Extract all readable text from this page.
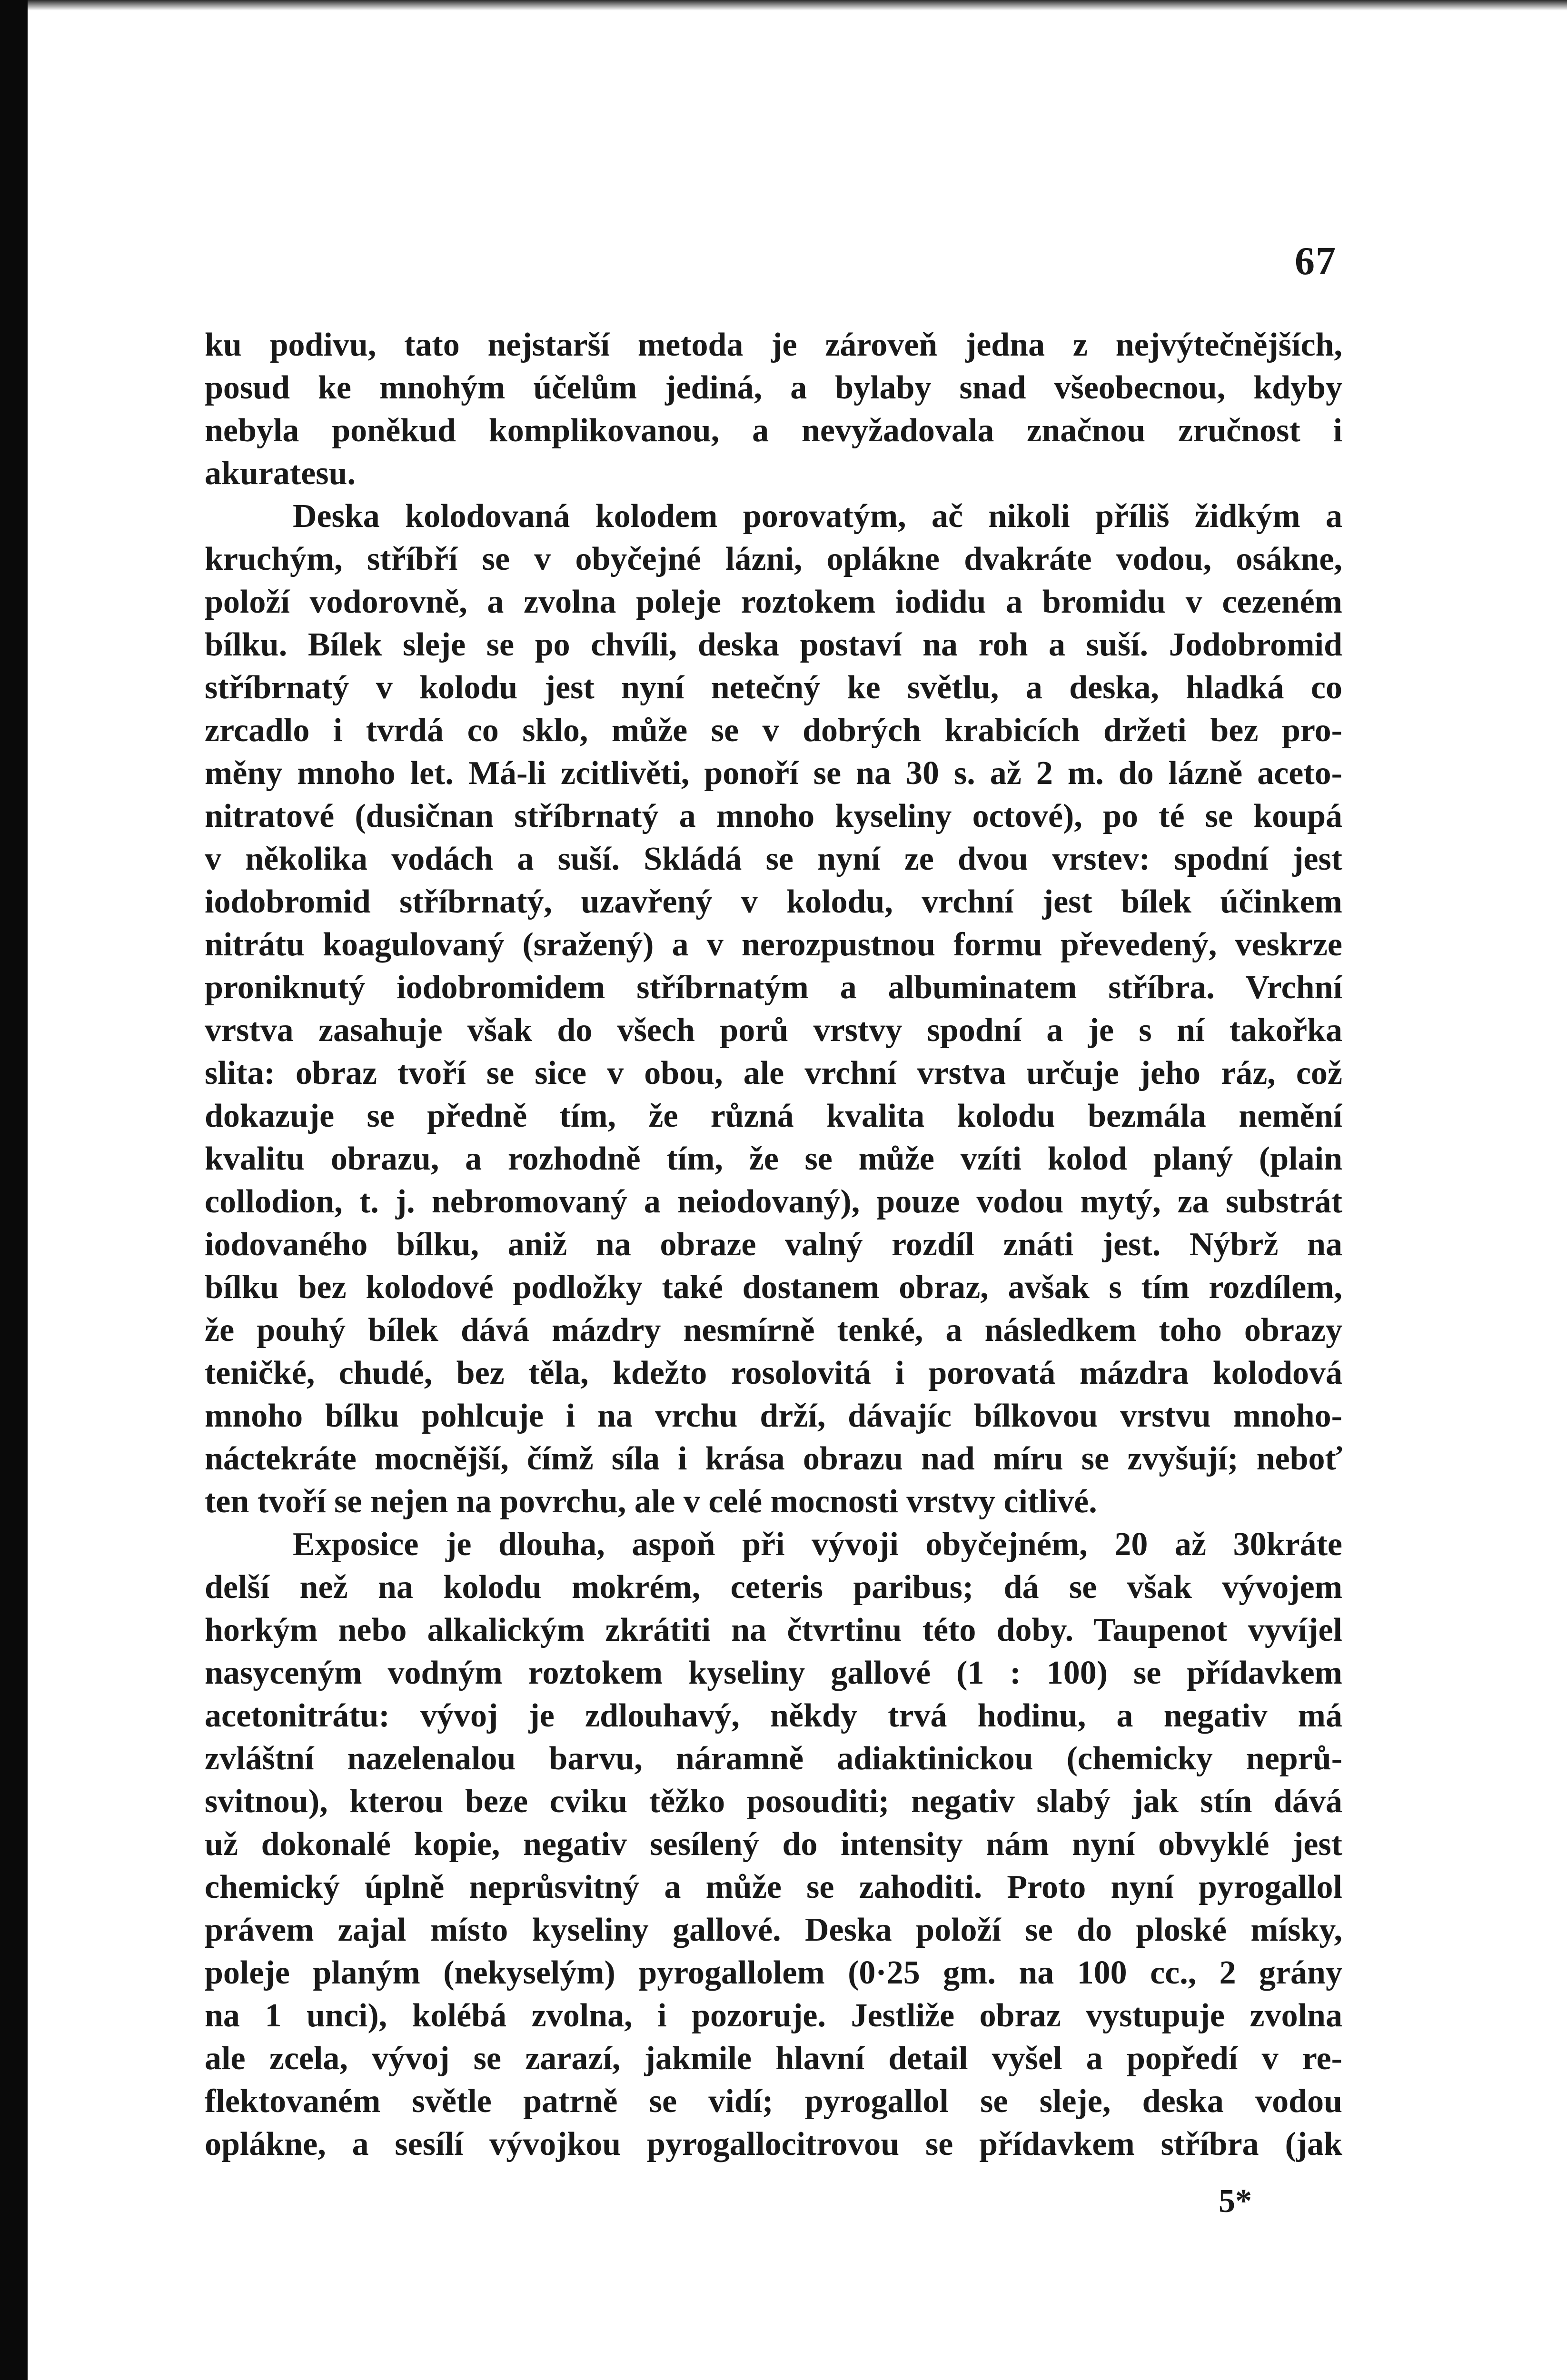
67
ku podivu, tato nejstarší metoda je zároveň jedna z nejvýtečnějších,
posud ke mnohým účelům jediná, a bylaby snad všeobecnou, kdyby
nebyla poněkud komplikovanou, a nevyžadovala značnou zručnost i
akuratesu.
Deska kolodovaná kolodem porovatým, ač nikoli příliš židkým a
kruchým, stříbří se v obyčejné lázni, oplákne dvakráte vodou, osákne,
položí vodorovně, a zvolna poleje roztokem iodidu a bromidu v cezeném
bílku. Bílek sleje se po chvíli, deska postaví na roh a suší. Jodobromid
stříbrnatý v kolodu jest nyní netečný ke světlu, a deska, hladká co
zrcadlo i tvrdá co sklo, může se v dobrých krabicích držeti bez pro-
měny mnoho let. Má-li zcitlivěti, ponoří se na 30 s. až 2 m. do lázně aceto-
nitratové (dusičnan stříbrnatý a mnoho kyseliny octové), po té se koupá
v několika vodách a suší. Skládá se nyní ze dvou vrstev: spodní jest
iodobromid stříbrnatý, uzavřený v kolodu, vrchní jest bílek účinkem
nitrátu koagulovaný (sražený) a v nerozpustnou formu převedený, veskrze
proniknutý iodobromidem stříbrnatým a albuminatem stříbra. Vrchní
vrstva zasahuje však do všech porů vrstvy spodní a je s ní takořka
slita: obraz tvoří se sice v obou, ale vrchní vrstva určuje jeho ráz, což
dokazuje se předně tím, že různá kvalita kolodu bezmála nemění
kvalitu obrazu, a rozhodně tím, že se může vzíti kolod planý (plain
collodion, t. j. nebromovaný a neiodovaný), pouze vodou mytý, za substrát
iodovaného bílku, aniž na obraze valný rozdíl znáti jest. Nýbrž na
bílku bez kolodové podložky také dostanem obraz, avšak s tím rozdílem,
že pouhý bílek dává mázdry nesmírně tenké, a následkem toho obrazy
teničké, chudé, bez těla, kdežto rosolovitá i porovatá mázdra kolodová
mnoho bílku pohlcuje i na vrchu drží, dávajíc bílkovou vrstvu mnoho-
náctekráte mocnější, čímž síla i krása obrazu nad míru se zvyšují; neboť
ten tvoří se nejen na povrchu, ale v celé mocnosti vrstvy citlivé.
Exposice je dlouha, aspoň při vývoji obyčejném, 20 až 30kráte
delší než na kolodu mokrém, ceteris paribus; dá se však vývojem
horkým nebo alkalickým zkrátiti na čtvrtinu této doby. Taupenot vyvíjel
nasyceným vodným roztokem kyseliny gallové (1 : 100) se přídavkem
acetonitrátu: vývoj je zdlouhavý, někdy trvá hodinu, a negativ má
zvláštní nazelenalou barvu, náramně adiaktinickou (chemicky neprů-
svitnou), kterou beze cviku těžko posouditi; negativ slabý jak stín dává
už dokonalé kopie, negativ sesílený do intensity nám nyní obvyklé jest
chemický úplně neprůsvitný a může se zahoditi. Proto nyní pyrogallol
právem zajal místo kyseliny gallové. Deska položí se do ploské mísky,
poleje planým (nekyselým) pyrogallolem (0·25 gm. na 100 cc., 2 grány
na 1 unci), kolébá zvolna, i pozoruje. Jestliže obraz vystupuje zvolna
ale zcela, vývoj se zarazí, jakmile hlavní detail vyšel a popředí v re-
flektovaném světle patrně se vidí; pyrogallol se sleje, deska vodou
oplákne, a sesílí vývojkou pyrogallocitrovou se přídavkem stříbra (jak
5*
